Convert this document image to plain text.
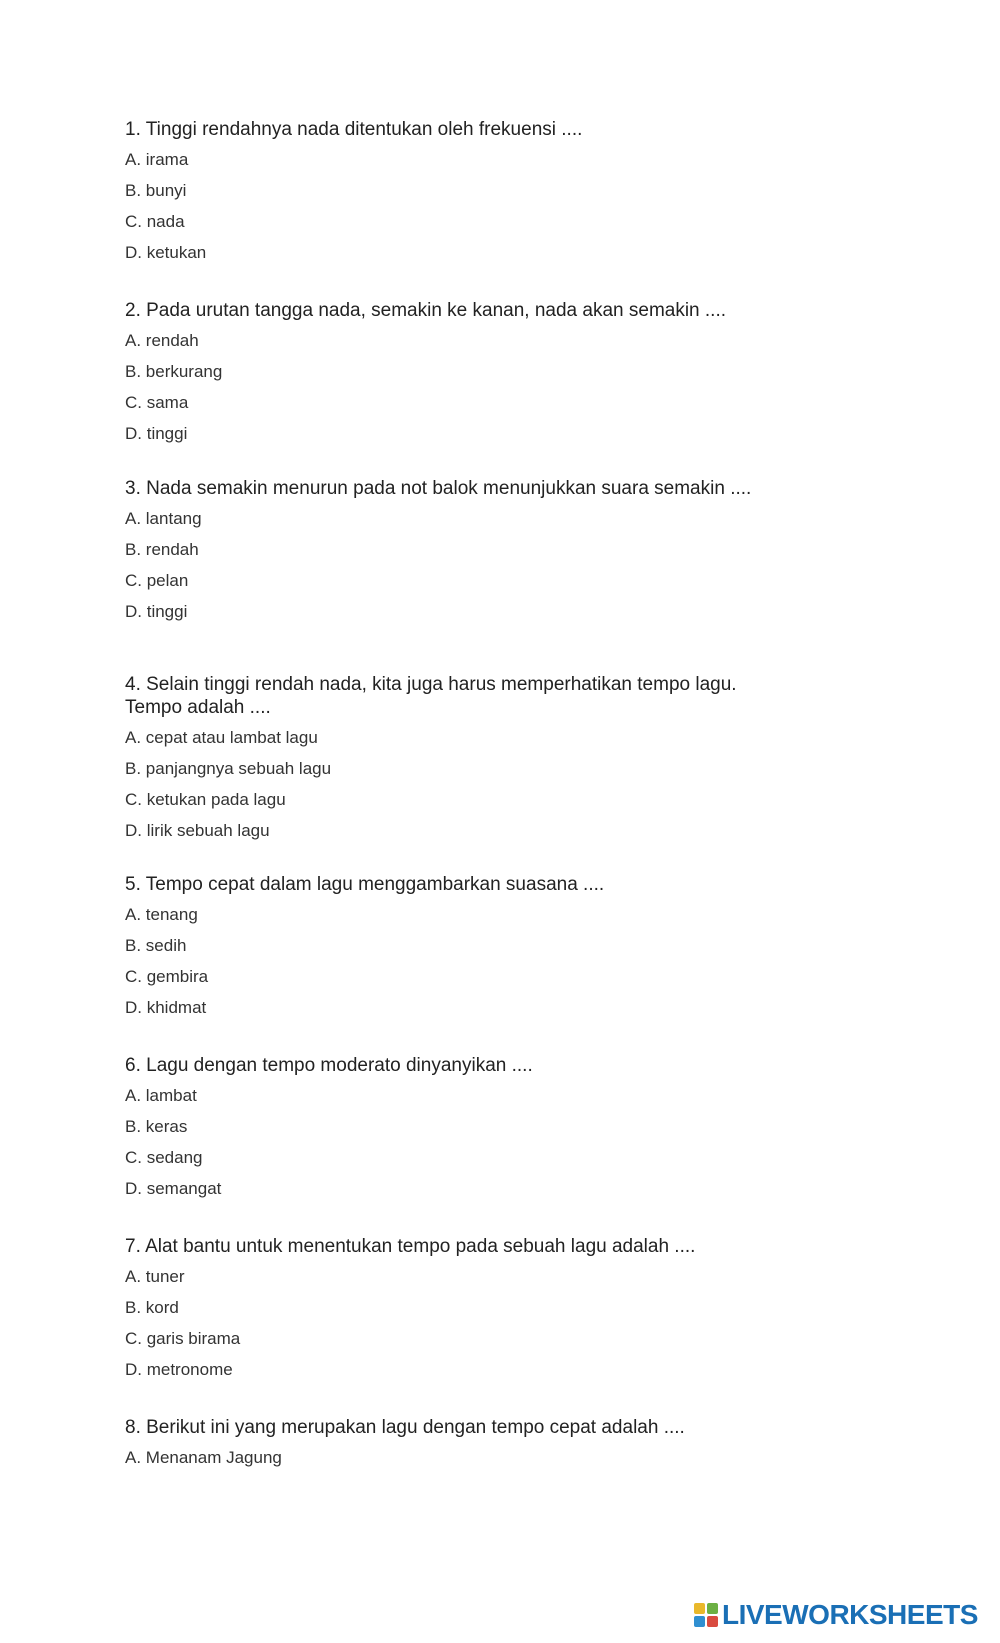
1. Tinggi rendahnya nada ditentukan oleh frekuensi ....

A. irama

B. bunyi

C. nada

D. ketukan

2. Pada urutan tangga nada, semakin ke kanan, nada akan semakin ....

A. rendah

B. berkurang

C. sama

D. tinggi

3. Nada semakin menurun pada not balok menunjukkan suara semakin ....

A. lantang

B. rendah

C. pelan

D. tinggi

4. Selain tinggi rendah nada, kita juga harus memperhatikan tempo lagu. Tempo adalah ....

A. cepat atau lambat lagu

B. panjangnya sebuah lagu

C. ketukan pada lagu

D. lirik sebuah lagu

5. Tempo cepat dalam lagu menggambarkan suasana ....

A. tenang

B. sedih

C. gembira

D. khidmat

6. Lagu dengan tempo moderato dinyanyikan ....

A. lambat

B. keras

C. sedang

D. semangat

7. Alat bantu untuk menentukan tempo pada sebuah lagu adalah ....

A. tuner

B. kord

C. garis birama

D. metronome

8. Berikut ini yang merupakan lagu dengan tempo cepat adalah ....

A. Menanam Jagung

LIVEWORKSHEETS
